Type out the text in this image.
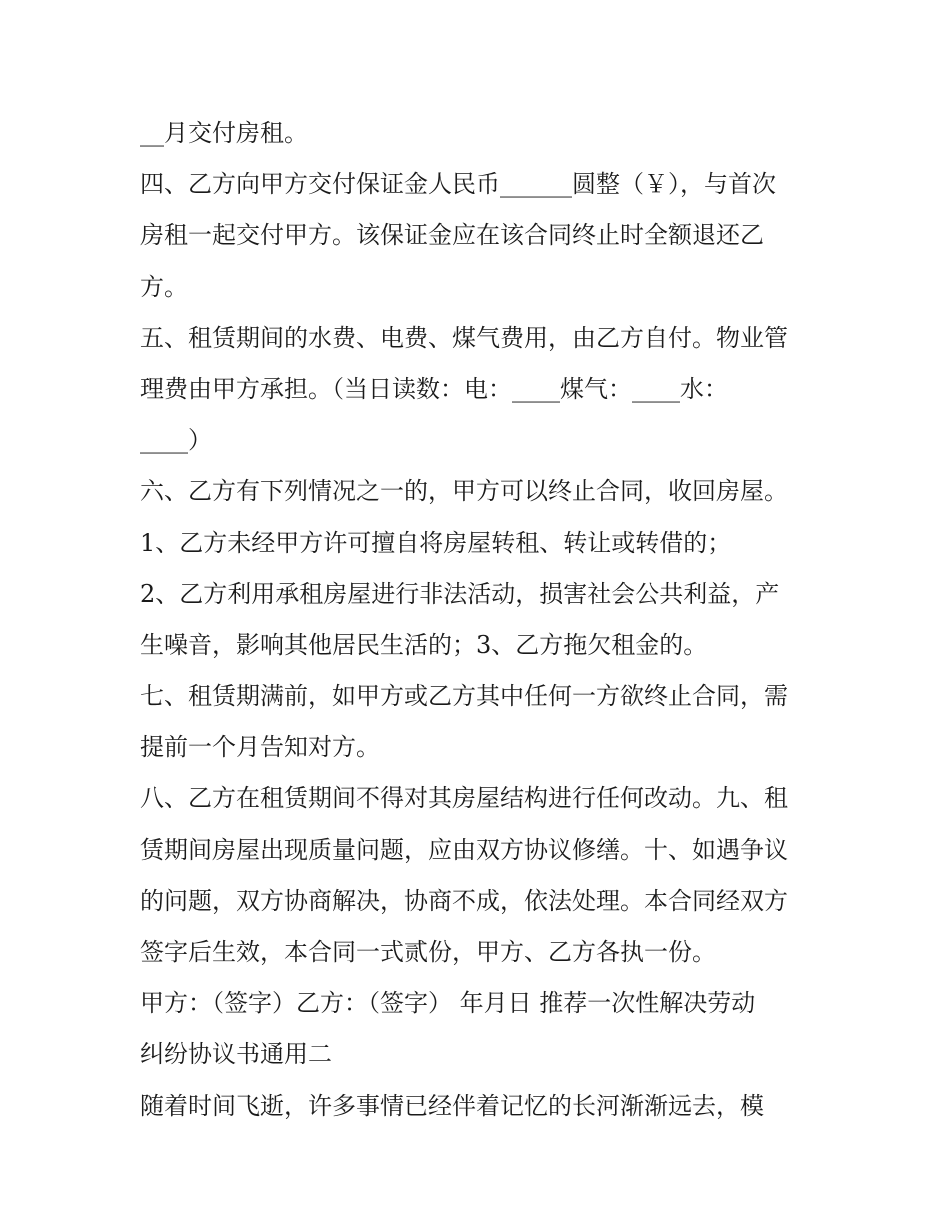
__月交付房租。
四、乙方向甲方交付保证金人民币______圆整（￥），与首次
房租一起交付甲方。该保证金应在该合同终止时全额退还乙
方。
五、租赁期间的水费、电费、煤气费用，由乙方自付。物业管
理费由甲方承担。（当日读数：电：____煤气：____水：
____）
六、乙方有下列情况之一的，甲方可以终止合同，收回房屋。
1、乙方未经甲方许可擅自将房屋转租、转让或转借的；
2、乙方利用承租房屋进行非法活动，损害社会公共利益，产
生噪音，影响其他居民生活的；3、乙方拖欠租金的。
七、租赁期满前，如甲方或乙方其中任何一方欲终止合同，需
提前一个月告知对方。
八、乙方在租赁期间不得对其房屋结构进行任何改动。九、租
赁期间房屋出现质量问题，应由双方协议修缮。十、如遇争议
的问题，双方协商解决，协商不成，依法处理。本合同经双方
签字后生效，本合同一式贰份，甲方、乙方各执一份。
甲方：（签字）乙方：（签字） 年月日 推荐一次性解决劳动
纠纷协议书通用二
随着时间飞逝，许多事情已经伴着记忆的长河渐渐远去，模
